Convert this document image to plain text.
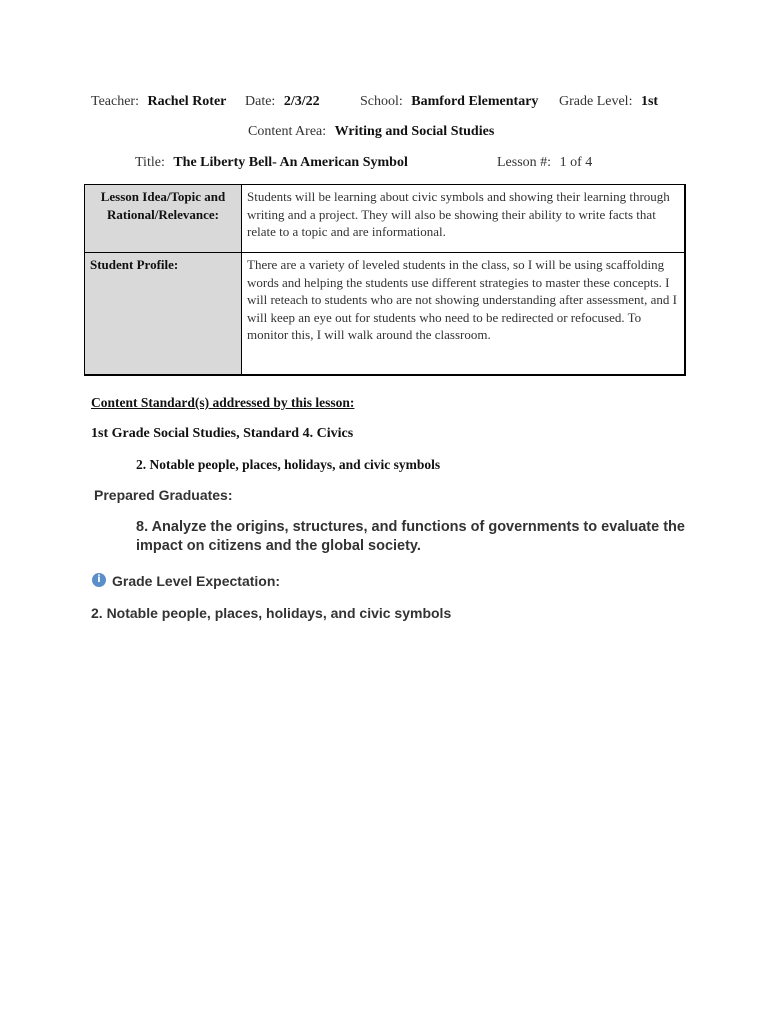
Teacher: Rachel Roter Date: 2/3/22	School: Bamford Elementary Grade Level: 1st
Content Area: Writing and Social Studies
Title: The Liberty Bell- An American Symbol	Lesson #: 1 of 4
Lesson Idea/Topic and Rational/Relevance:	Students will be learning about civic symbols and showing their learning through writing and a project. They will also be showing their ability to write facts that relate to a topic and are informational.
Student Profile:	There are a variety of leveled students in the class, so I will be using scaffolding words and helping the students use different strategies to master these concepts. I will reteach to students who are not showing understanding after assessment, and I will keep an eye out for students who need to be redirected or refocused. To monitor this, I will walk around the classroom.
Content Standard(s) addressed by this lesson:
1st Grade Social Studies, Standard 4. Civics
2. Notable people, places, holidays, and civic symbols
Prepared Graduates:
8. Analyze the origins, structures, and functions of governments to evaluate the impact on citizens and the global society.
i Grade Level Expectation:
2. Notable people, places, holidays, and civic symbols
